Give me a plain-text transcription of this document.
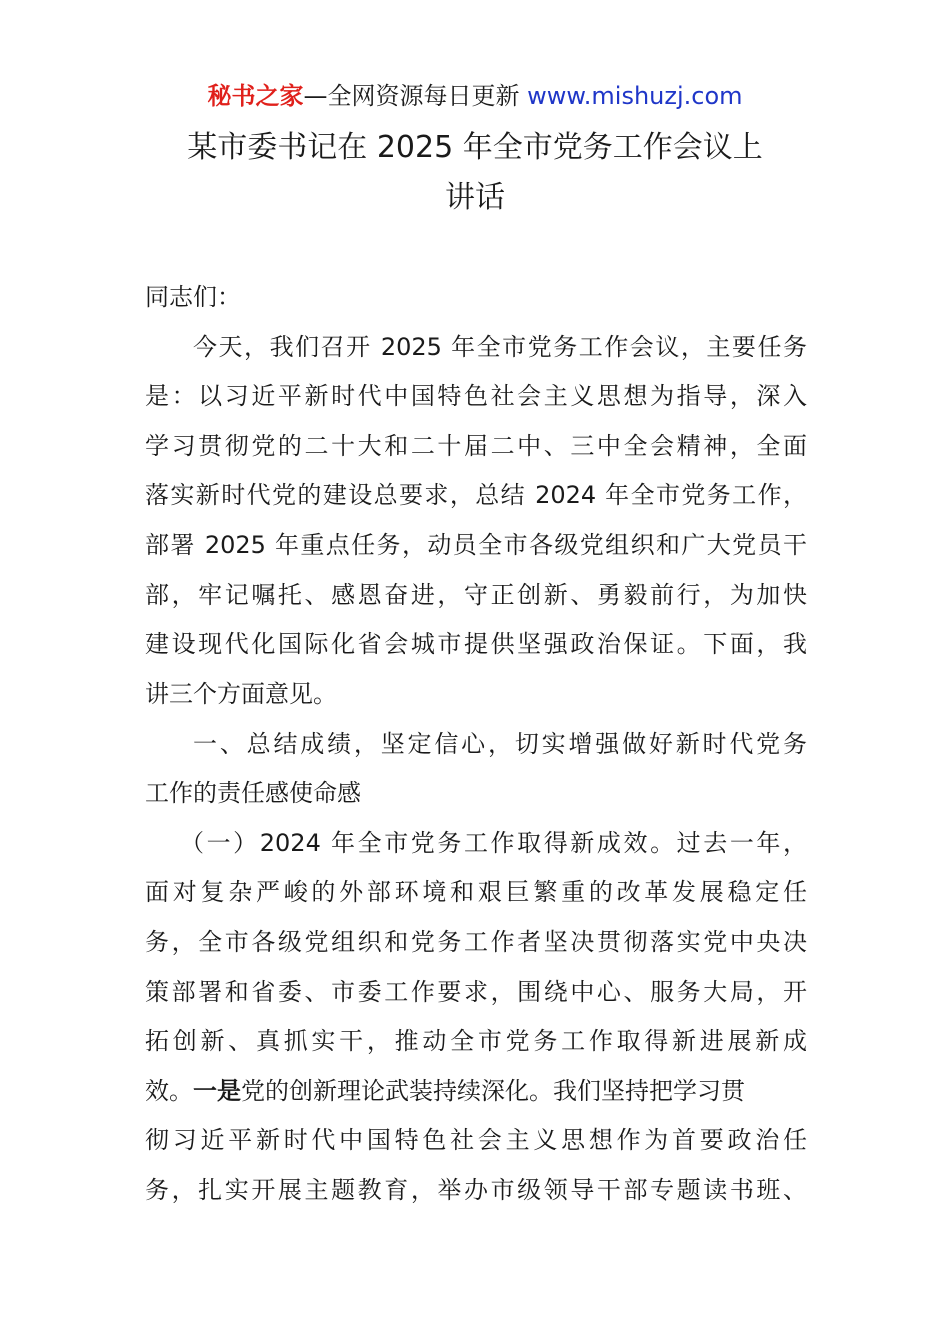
秘书之家—全网资源每日更新 www.mishuzj.com
某市委书记在 2025 年全市党务工作会议上
讲话
同志们：
今天，我们召开 2025 年全市党务工作会议，主要任务
是：以习近平新时代中国特色社会主义思想为指导，深入
学习贯彻党的二十大和二十届二中、三中全会精神，全面
落实新时代党的建设总要求，总结 2024 年全市党务工作，
部署 2025 年重点任务，动员全市各级党组织和广大党员干
部，牢记嘱托、感恩奋进，守正创新、勇毅前行，为加快
建设现代化国际化省会城市提供坚强政治保证。下面，我
讲三个方面意见。
一、总结成绩，坚定信心，切实增强做好新时代党务
工作的责任感使命感
（一）2024 年全市党务工作取得新成效。过去一年，
面对复杂严峻的外部环境和艰巨繁重的改革发展稳定任
务，全市各级党组织和党务工作者坚决贯彻落实党中央决
策部署和省委、市委工作要求，围绕中心、服务大局，开
拓创新、真抓实干，推动全市党务工作取得新进展新成
效。一是党的创新理论武装持续深化。我们坚持把学习贯
彻习近平新时代中国特色社会主义思想作为首要政治任
务，扎实开展主题教育，举办市级领导干部专题读书班、
